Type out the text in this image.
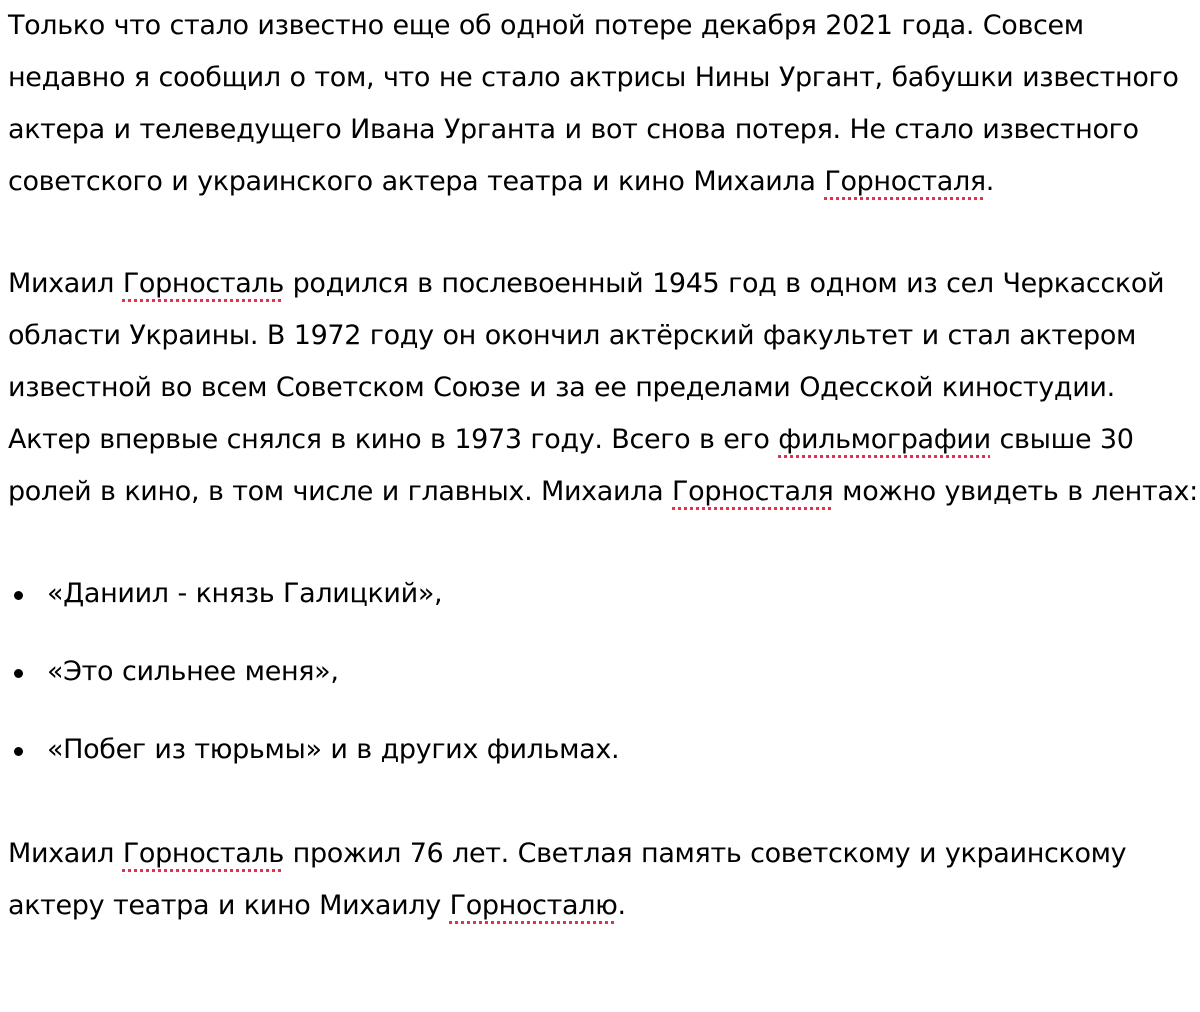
Только что стало известно еще об одной потере декабря 2021 года. Совсем недавно я сообщил о том, что не стало актрисы Нины Ургант, бабушки известного актера и телеведущего Ивана Урганта и вот снова потеря. Не стало известного советского и украинского актера театра и кино Михаила Горносталя.

Михаил Горносталь родился в послевоенный 1945 год в одном из сел Черкасской области Украины. В 1972 году он окончил актёрский факультет и стал актером известной во всем Советском Союзе и за ее пределами Одесской киностудии. Актер впервые снялся в кино в 1973 году. Всего в его фильмографии свыше 30 ролей в кино, в том числе и главных. Михаила Горносталя можно увидеть в лентах:

«Даниил - князь Галицкий»,
«Это сильнее меня»,
«Побег из тюрьмы» и в других фильмах.

Михаил Горносталь прожил 76 лет. Светлая память советскому и украинскому актеру театра и кино Михаилу Горносталю.
